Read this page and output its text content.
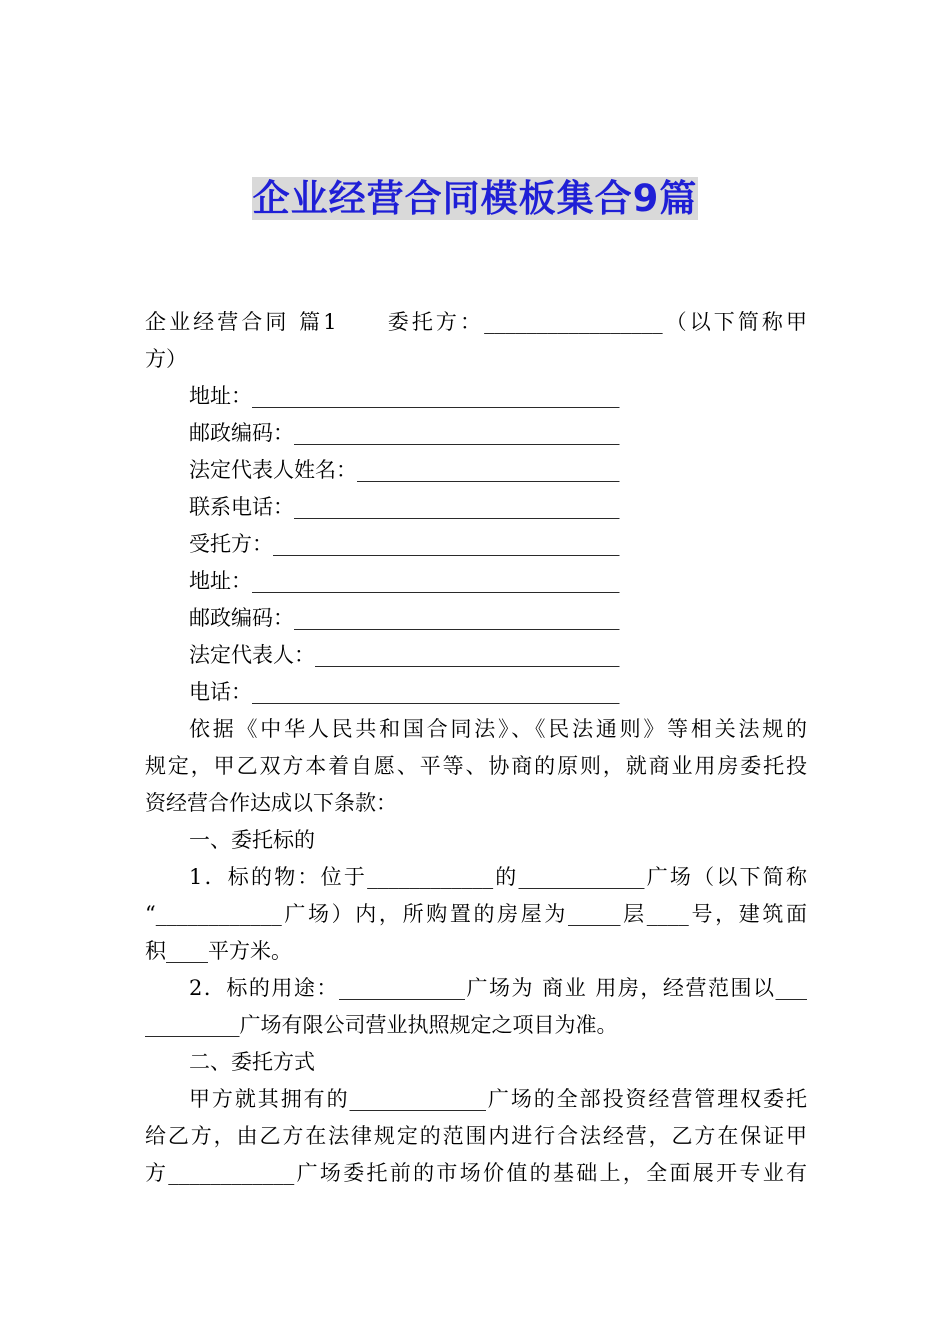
企业经营合同模板集合9篇
企业经营合同 篇1　　委托方：_________________（以下简称甲
方）
地址：___________________________________
邮政编码：_______________________________
法定代表人姓名：_________________________
联系电话：_______________________________
受托方：_________________________________
地址：___________________________________
邮政编码：_______________________________
法定代表人：_____________________________
电话：___________________________________
依据《中华人民共和国合同法》、《民法通则》等相关法规的
规定，甲乙双方本着自愿、平等、协商的原则，就商业用房委托投
资经营合作达成以下条款：
一、委托标的
1．标的物：位于____________的____________广场（以下简称
“____________广场）内，所购置的房屋为_____层____号，建筑面
积____平方米。
2．标的用途：____________广场为 商业 用房，经营范围以___
_________广场有限公司营业执照规定之项目为准。
二、委托方式
甲方就其拥有的_____________广场的全部投资经营管理权委托
给乙方，由乙方在法律规定的范围内进行合法经营，乙方在保证甲
方____________广场委托前的市场价值的基础上，全面展开专业有
